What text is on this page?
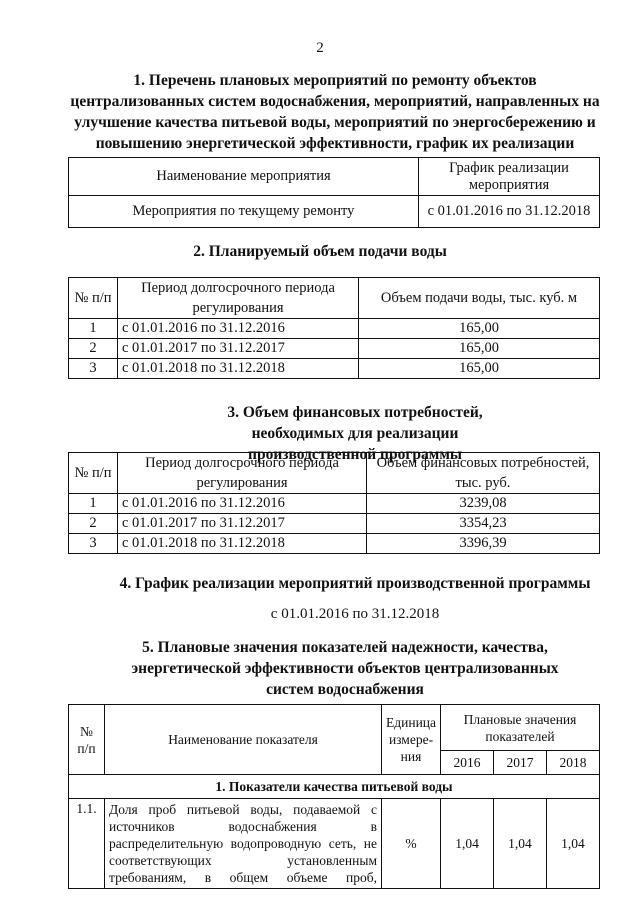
2
1. Перечень плановых мероприятий по ремонту объектов централизованных систем водоснабжения, мероприятий, направленных на улучшение качества питьевой воды, мероприятий по энергосбережению и повышению энергетической эффективности, график их реализации
Наименование мероприятия	График реализации мероприятия
Мероприятия по текущему ремонту	с 01.01.2016 по 31.12.2018
2. Планируемый объем подачи воды
№ п/п	Период долгосрочного периода регулирования	Объем подачи воды, тыс. куб. м
1	с 01.01.2016 по 31.12.2016	165,00
2	с 01.01.2017 по 31.12.2017	165,00
3	с 01.01.2018 по 31.12.2018	165,00
3. Объем финансовых потребностей, необходимых для реализации производственной программы
№ п/п	Период долгосрочного периода регулирования	Объем финансовых потребностей, тыс. руб.
1	с 01.01.2016 по 31.12.2016	3239,08
2	с 01.01.2017 по 31.12.2017	3354,23
3	с 01.01.2018 по 31.12.2018	3396,39
4. График реализации мероприятий производственной программы
с 01.01.2016 по 31.12.2018
5. Плановые значения показателей надежности, качества, энергетической эффективности объектов централизованных систем водоснабжения
№ п/п	Наименование показателя	Единица измере-ния	Плановые значения показателей		
			2016	2017	2018
1. Показатели качества питьевой воды					
1.1.	Доля проб питьевой воды, подаваемой с источников водоснабжения в распределительную водопроводную сеть, не соответствующих установленным требованиям, в общем объеме проб,	%	1,04	1,04	1,04
